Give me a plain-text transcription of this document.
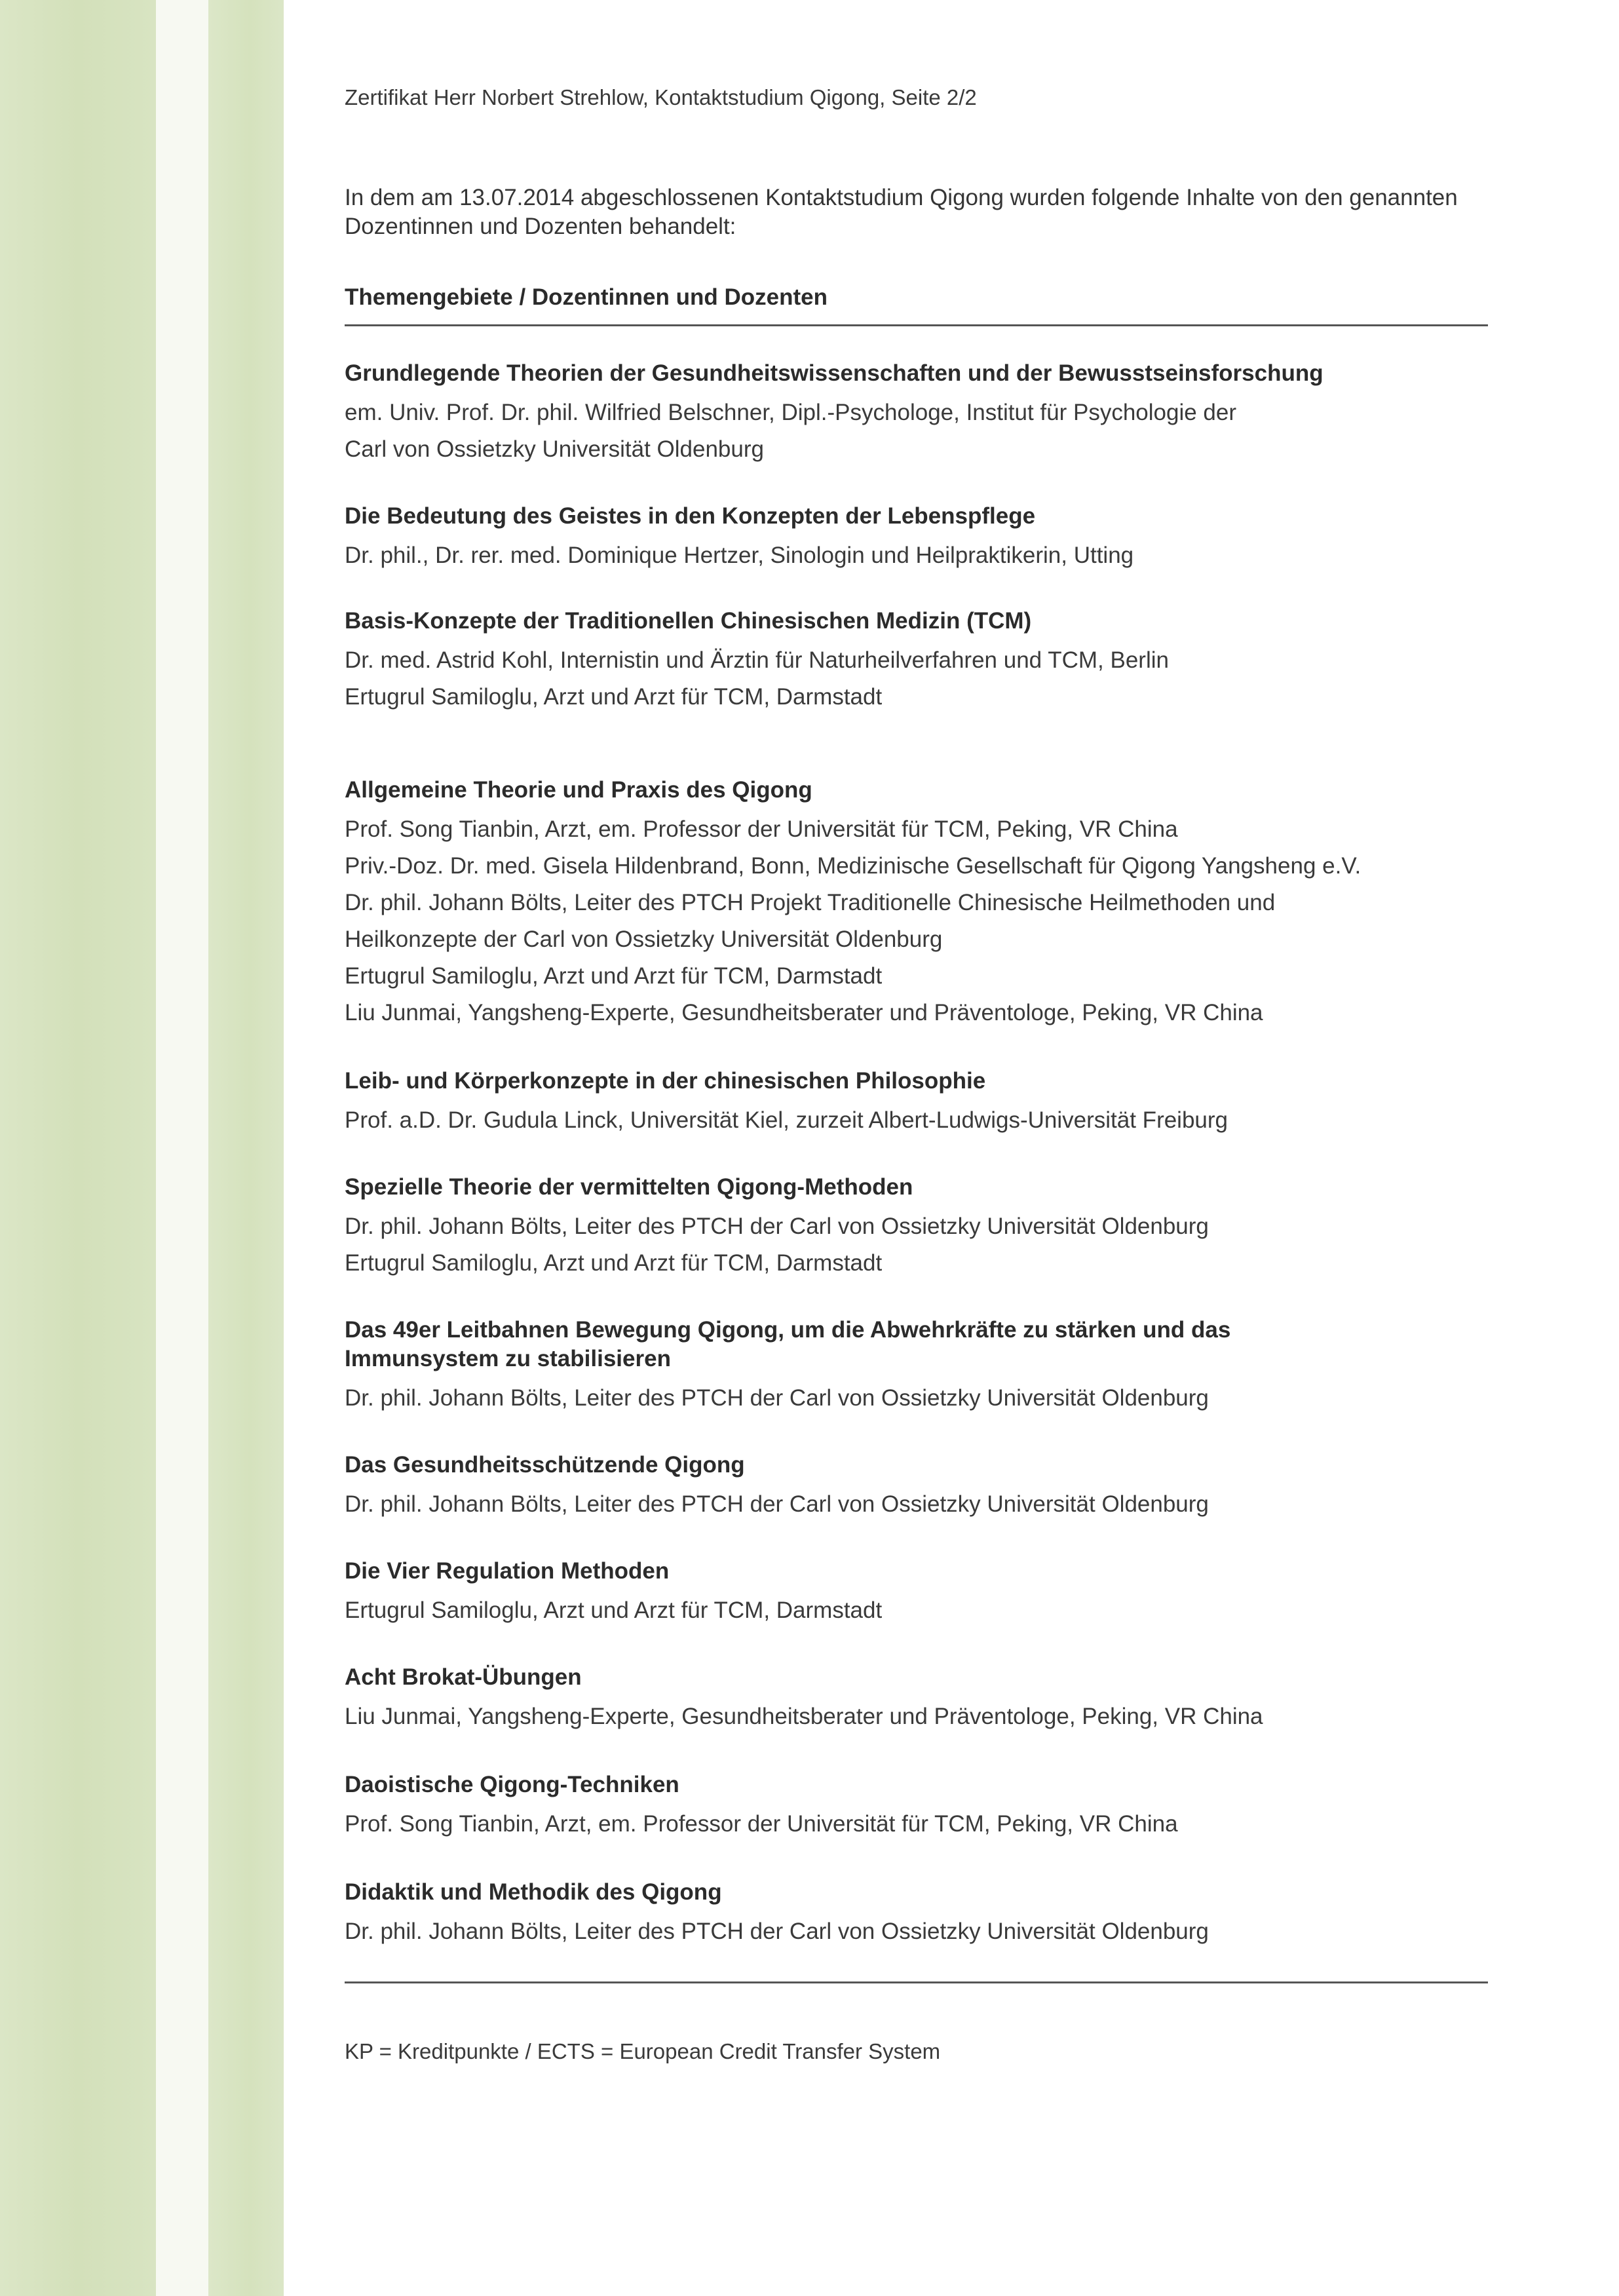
Zertifikat Herr Norbert Strehlow, Kontaktstudium Qigong, Seite 2/2
In dem am 13.07.2014 abgeschlossenen Kontaktstudium Qigong wurden folgende Inhalte von den genannten Dozentinnen und Dozenten behandelt:
Themengebiete / Dozentinnen und Dozenten
Grundlegende Theorien der Gesundheitswissenschaften und der Bewusstseinsforschung
em. Univ. Prof. Dr. phil. Wilfried Belschner, Dipl.-Psychologe, Institut für Psychologie der
Carl von Ossietzky Universität Oldenburg
Die Bedeutung des Geistes in den Konzepten der Lebenspflege
Dr. phil., Dr. rer. med. Dominique Hertzer, Sinologin und Heilpraktikerin, Utting
Basis-Konzepte der Traditionellen Chinesischen Medizin (TCM)
Dr. med. Astrid Kohl, Internistin und Ärztin für Naturheilverfahren und TCM, Berlin
Ertugrul Samiloglu, Arzt und Arzt für TCM, Darmstadt
Allgemeine Theorie und Praxis des Qigong
Prof. Song Tianbin, Arzt, em. Professor der Universität für TCM, Peking, VR China
Priv.-Doz. Dr. med. Gisela Hildenbrand, Bonn, Medizinische Gesellschaft für Qigong Yangsheng e.V.
Dr. phil. Johann Bölts, Leiter des PTCH Projekt Traditionelle Chinesische Heilmethoden und
Heilkonzepte der Carl von Ossietzky Universität Oldenburg
Ertugrul Samiloglu, Arzt und Arzt für TCM, Darmstadt
Liu Junmai, Yangsheng-Experte, Gesundheitsberater und Präventologe, Peking, VR China
Leib- und Körperkonzepte in der chinesischen Philosophie
Prof. a.D. Dr. Gudula Linck, Universität Kiel, zurzeit Albert-Ludwigs-Universität Freiburg
Spezielle Theorie der vermittelten Qigong-Methoden
Dr. phil. Johann Bölts, Leiter des PTCH der Carl von Ossietzky Universität Oldenburg
Ertugrul Samiloglu, Arzt und Arzt für TCM, Darmstadt
Das 49er Leitbahnen Bewegung Qigong, um die Abwehrkräfte zu stärken und das Immunsystem zu stabilisieren
Dr. phil. Johann Bölts, Leiter des PTCH der Carl von Ossietzky Universität Oldenburg
Das Gesundheitsschützende Qigong
Dr. phil. Johann Bölts, Leiter des PTCH der Carl von Ossietzky Universität Oldenburg
Die Vier Regulation Methoden
Ertugrul Samiloglu, Arzt und Arzt für TCM, Darmstadt
Acht Brokat-Übungen
Liu Junmai, Yangsheng-Experte, Gesundheitsberater und Präventologe, Peking, VR China
Daoistische Qigong-Techniken
Prof. Song Tianbin, Arzt, em. Professor der Universität für TCM, Peking, VR China
Didaktik und Methodik des Qigong
Dr. phil. Johann Bölts, Leiter des PTCH der Carl von Ossietzky Universität Oldenburg
KP = Kreditpunkte / ECTS = European Credit Transfer System
